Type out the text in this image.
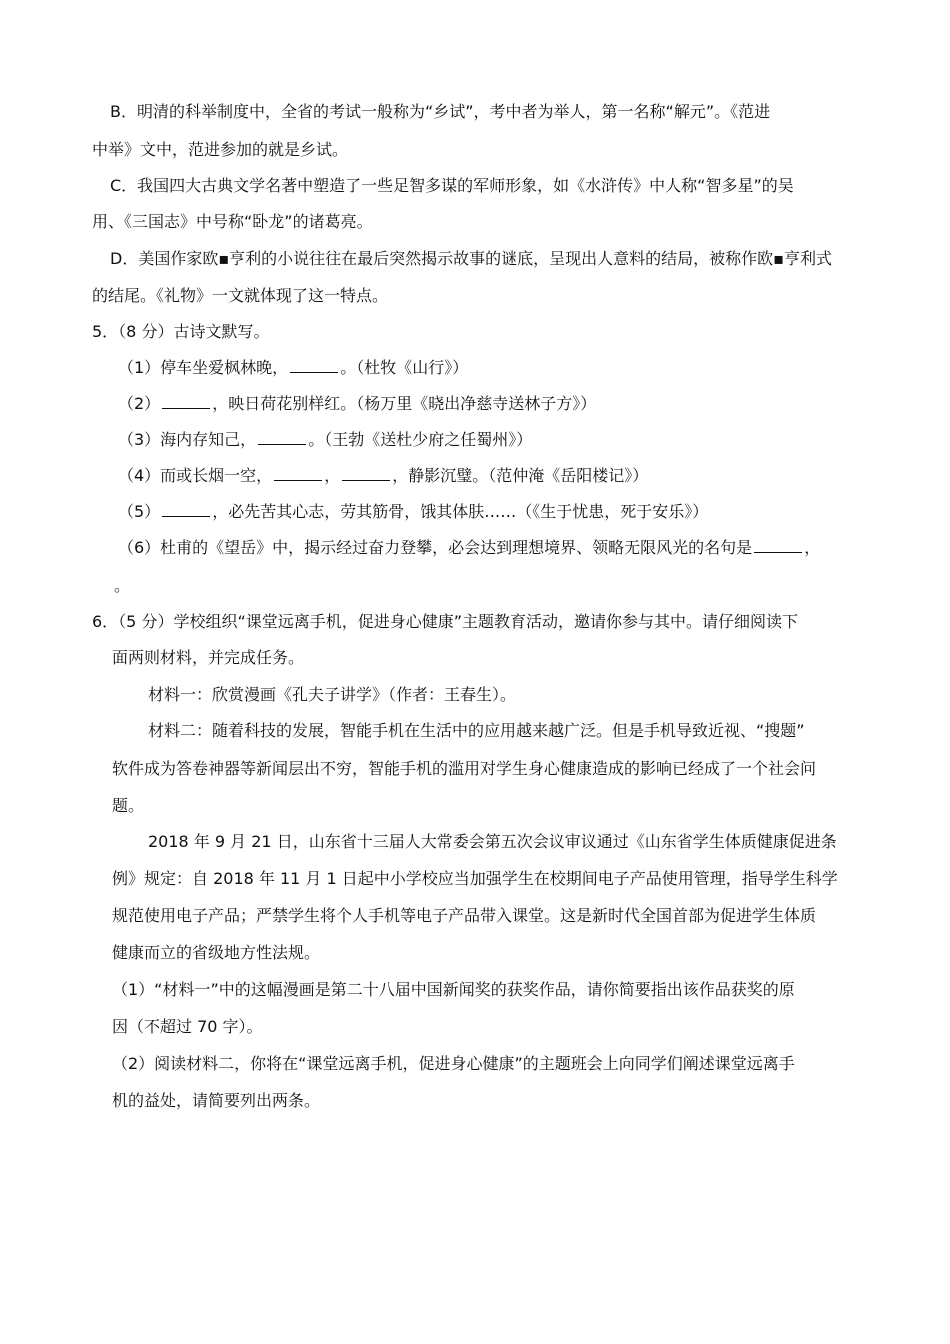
B．明清的科举制度中，全省的考试一般称为“乡试”，考中者为举人，第一名称“解元”。《范进
中举》文中，范进参加的就是乡试。
C．我国四大古典文学名著中塑造了一些足智多谋的军师形象，如《水浒传》中人称“智多星”的吴
用、《三国志》中号称“卧龙”的诸葛亮。
D．美国作家欧▪亨利的小说往往在最后突然揭示故事的谜底，呈现出人意料的结局，被称作欧▪亨利式
的结尾。《礼物》一文就体现了这一特点。
5．（8 分）古诗文默写。
（1）停车坐爱枫林晚，	。（杜牧《山行》）
（2）	，映日荷花别样红。（杨万里《晓出净慈寺送林子方》）
（3）海内存知己，	。（王勃《送杜少府之任蜀州》）
（4）而或长烟一空，	，	，静影沉璧。（范仲淹《岳阳楼记》）
（5）	，必先苦其心志，劳其筋骨，饿其体肤……（《生于忧患，死于安乐》）
（6）杜甫的《望岳》中，揭示经过奋力登攀，必会达到理想境界、领略无限风光的名句是	，
。
6．（5 分）学校组织“课堂远离手机，促进身心健康”主题教育活动，邀请你参与其中。请仔细阅读下
面两则材料，并完成任务。
材料一：欣赏漫画《孔夫子讲学》（作者：王春生）。
材料二：随着科技的发展，智能手机在生活中的应用越来越广泛。但是手机导致近视、“搜题”
软件成为答卷神器等新闻层出不穷，智能手机的滥用对学生身心健康造成的影响已经成了一个社会问
题。
2018 年 9 月 21 日，山东省十三届人大常委会第五次会议审议通过《山东省学生体质健康促进条
例》规定：自 2018 年 11 月 1 日起中小学校应当加强学生在校期间电子产品使用管理，指导学生科学
规范使用电子产品；严禁学生将个人手机等电子产品带入课堂。这是新时代全国首部为促进学生体质
健康而立的省级地方性法规。
（1）“材料一”中的这幅漫画是第二十八届中国新闻奖的获奖作品，请你简要指出该作品获奖的原
因（不超过 70 字）。
（2）阅读材料二，你将在“课堂远离手机，促进身心健康”的主题班会上向同学们阐述课堂远离手
机的益处，请简要列出两条。
